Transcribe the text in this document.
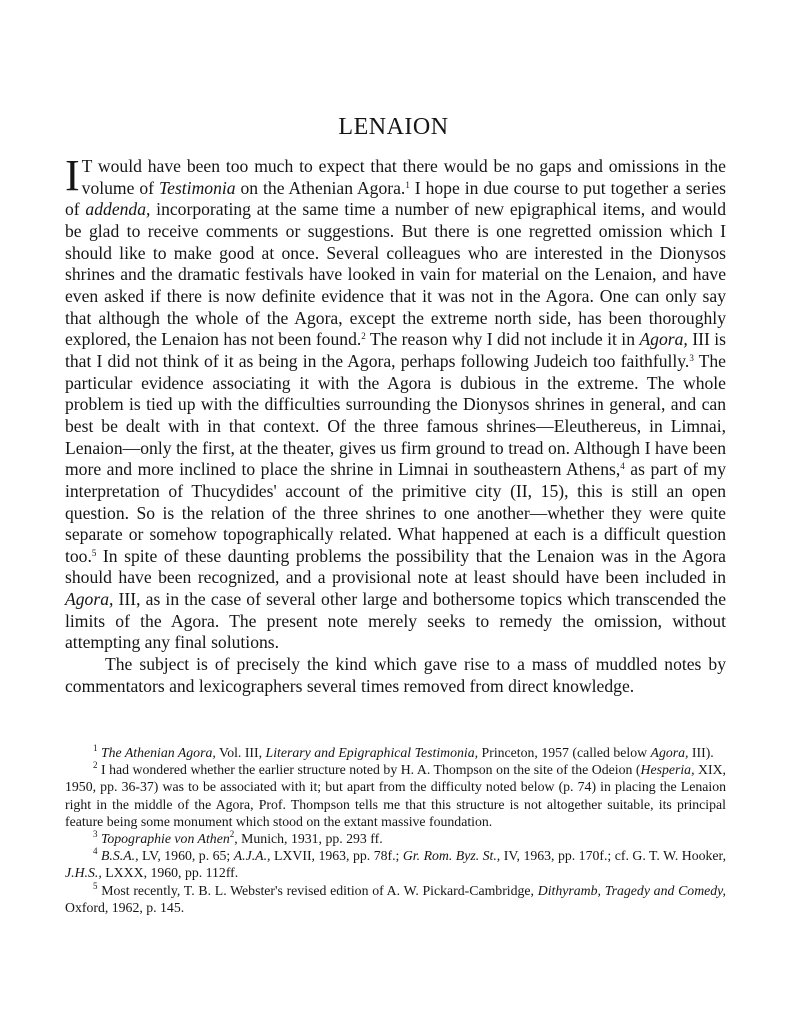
LENAION

I T would have been too much to expect that there would be no gaps and omissions in the volume of Testimonia on the Athenian Agora.$^1$ I hope in due course to put together a series of addenda, incorporating at the same time a number of new epigraphical items, and would be glad to receive comments or suggestions. But there is one regretted omission which I should like to make good at once. Several colleagues who are interested in the Dionysos shrines and the dramatic festivals have looked in vain for material on the Lenaion, and have even asked if there is now definite evidence that it was not in the Agora. One can only say that although the whole of the Agora, except the extreme north side, has been thoroughly explored, the Lenaion has not been found.$^2$ The reason why I did not include it in Agora, III is that I did not think of it as being in the Agora, perhaps following Judeich too faithfully.$^3$ The particular evidence associating it with the Agora is dubious in the extreme. The whole problem is tied up with the difficulties surrounding the Dionysos shrines in general, and can best be dealt with in that context. Of the three famous shrines—Eleuthereus, in Limnai, Lenaion—only the first, at the theater, gives us firm ground to tread on. Although I have been more and more inclined to place the shrine in Limnai in southeastern Athens,$^4$ as part of my interpretation of Thucydides' account of the primitive city (II, 15), this is still an open question. So is the relation of the three shrines to one another—whether they were quite separate or somehow topographically related. What happened at each is a difficult question too.$^5$ In spite of these daunting problems the possibility that the Lenaion was in the Agora should have been recognized, and a provisional note at least should have been included in Agora, III, as in the case of several other large and bothersome topics which transcended the limits of the Agora. The present note merely seeks to remedy the omission, without attempting any final solutions.

The subject is of precisely the kind which gave rise to a mass of muddled notes by commentators and lexicographers several times removed from direct knowledge.

$^1$ The Athenian Agora, Vol. III, Literary and Epigraphical Testimonia, Princeton, 1957 (called below Agora, III).

$^2$ I had wondered whether the earlier structure noted by H. A. Thompson on the site of the Odeion (Hesperia, XIX, 1950, pp. 36-37) was to be associated with it; but apart from the difficulty noted below (p. 74) in placing the Lenaion right in the middle of the Agora, Prof. Thompson tells me that this structure is not altogether suitable, its principal feature being some monument which stood on the extant massive foundation.

$^3$ Topographie von Athen$^2$, Munich, 1931, pp. 293 ff.

$^4$ B.S.A., LV, 1960, p. 65; A.J.A., LXVII, 1963, pp. 78f.; Gr. Rom. Byz. St., IV, 1963, pp. 170f.; cf. G. T. W. Hooker, J.H.S., LXXX, 1960, pp. 112ff.

$^5$ Most recently, T. B. L. Webster's revised edition of A. W. Pickard-Cambridge, Dithyramb, Tragedy and Comedy, Oxford, 1962, p. 145.
